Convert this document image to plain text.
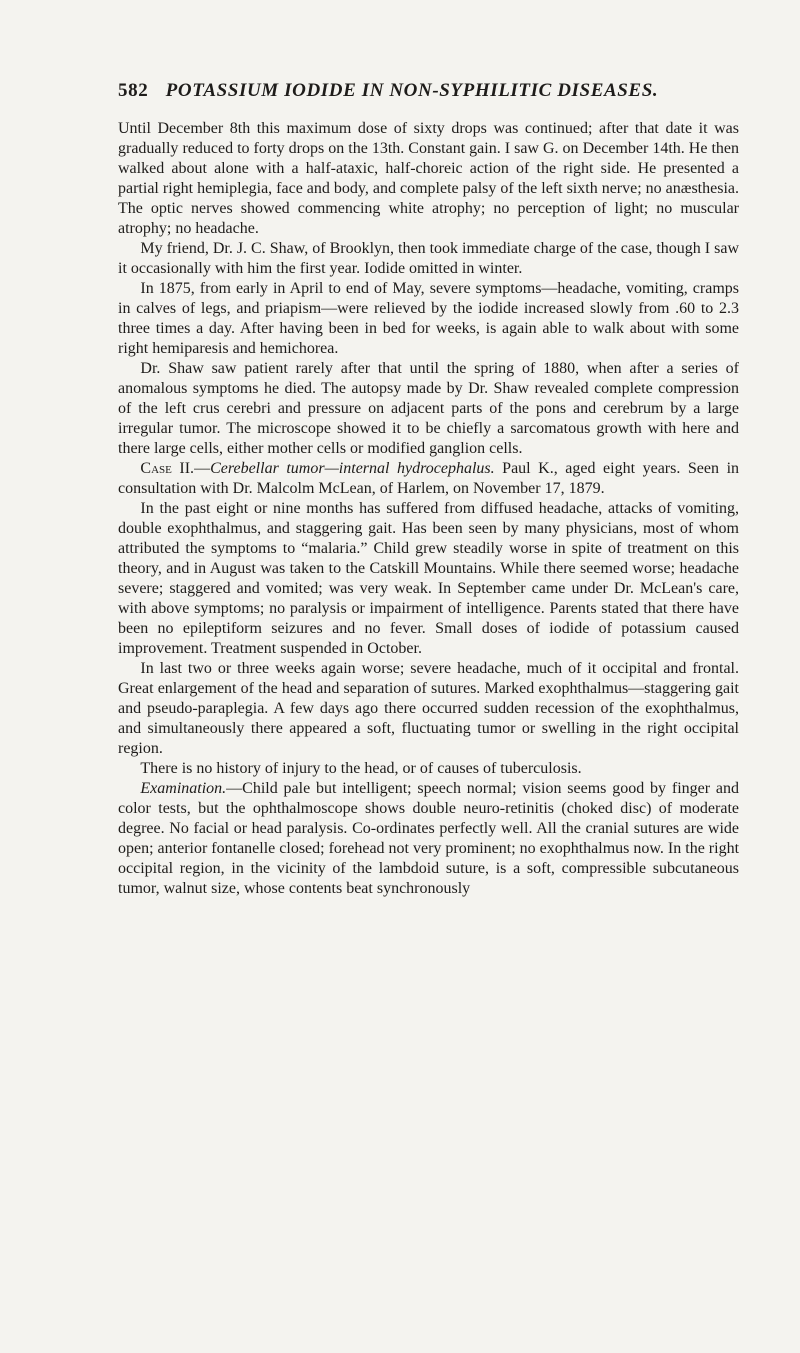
582 POTASSIUM IODIDE IN NON-SYPHILITIC DISEASES.

Until December 8th this maximum dose of sixty drops was continued; after that date it was gradually reduced to forty drops on the 13th. Constant gain. I saw G. on December 14th. He then walked about alone with a half-ataxic, half-choreic action of the right side. He presented a partial right hemiplegia, face and body, and complete palsy of the left sixth nerve; no anæsthesia. The optic nerves showed commencing white atrophy; no perception of light; no muscular atrophy; no headache.

My friend, Dr. J. C. Shaw, of Brooklyn, then took immediate charge of the case, though I saw it occasionally with him the first year. Iodide omitted in winter.

In 1875, from early in April to end of May, severe symptoms—headache, vomiting, cramps in calves of legs, and priapism—were relieved by the iodide increased slowly from .60 to 2.3 three times a day. After having been in bed for weeks, is again able to walk about with some right hemiparesis and hemichorea.

Dr. Shaw saw patient rarely after that until the spring of 1880, when after a series of anomalous symptoms he died. The autopsy made by Dr. Shaw revealed complete compression of the left crus cerebri and pressure on adjacent parts of the pons and cerebrum by a large irregular tumor. The microscope showed it to be chiefly a sarcomatous growth with here and there large cells, either mother cells or modified ganglion cells.

Case II.—Cerebellar tumor—internal hydrocephalus. Paul K., aged eight years. Seen in consultation with Dr. Malcolm McLean, of Harlem, on November 17, 1879.

In the past eight or nine months has suffered from diffused headache, attacks of vomiting, double exophthalmus, and staggering gait. Has been seen by many physicians, most of whom attributed the symptoms to “malaria.” Child grew steadily worse in spite of treatment on this theory, and in August was taken to the Catskill Mountains. While there seemed worse; headache severe; staggered and vomited; was very weak. In September came under Dr. McLean's care, with above symptoms; no paralysis or impairment of intelligence. Parents stated that there have been no epileptiform seizures and no fever. Small doses of iodide of potassium caused improvement. Treatment suspended in October.

In last two or three weeks again worse; severe headache, much of it occipital and frontal. Great enlargement of the head and separation of sutures. Marked exophthalmus—staggering gait and pseudo-paraplegia. A few days ago there occurred sudden recession of the exophthalmus, and simultaneously there appeared a soft, fluctuating tumor or swelling in the right occipital region.

There is no history of injury to the head, or of causes of tuberculosis.

Examination.—Child pale but intelligent; speech normal; vision seems good by finger and color tests, but the ophthalmoscope shows double neuro-retinitis (choked disc) of moderate degree. No facial or head paralysis. Co-ordinates perfectly well. All the cranial sutures are wide open; anterior fontanelle closed; forehead not very prominent; no exophthalmus now. In the right occipital region, in the vicinity of the lambdoid suture, is a soft, compressible subcutaneous tumor, walnut size, whose contents beat synchronously
